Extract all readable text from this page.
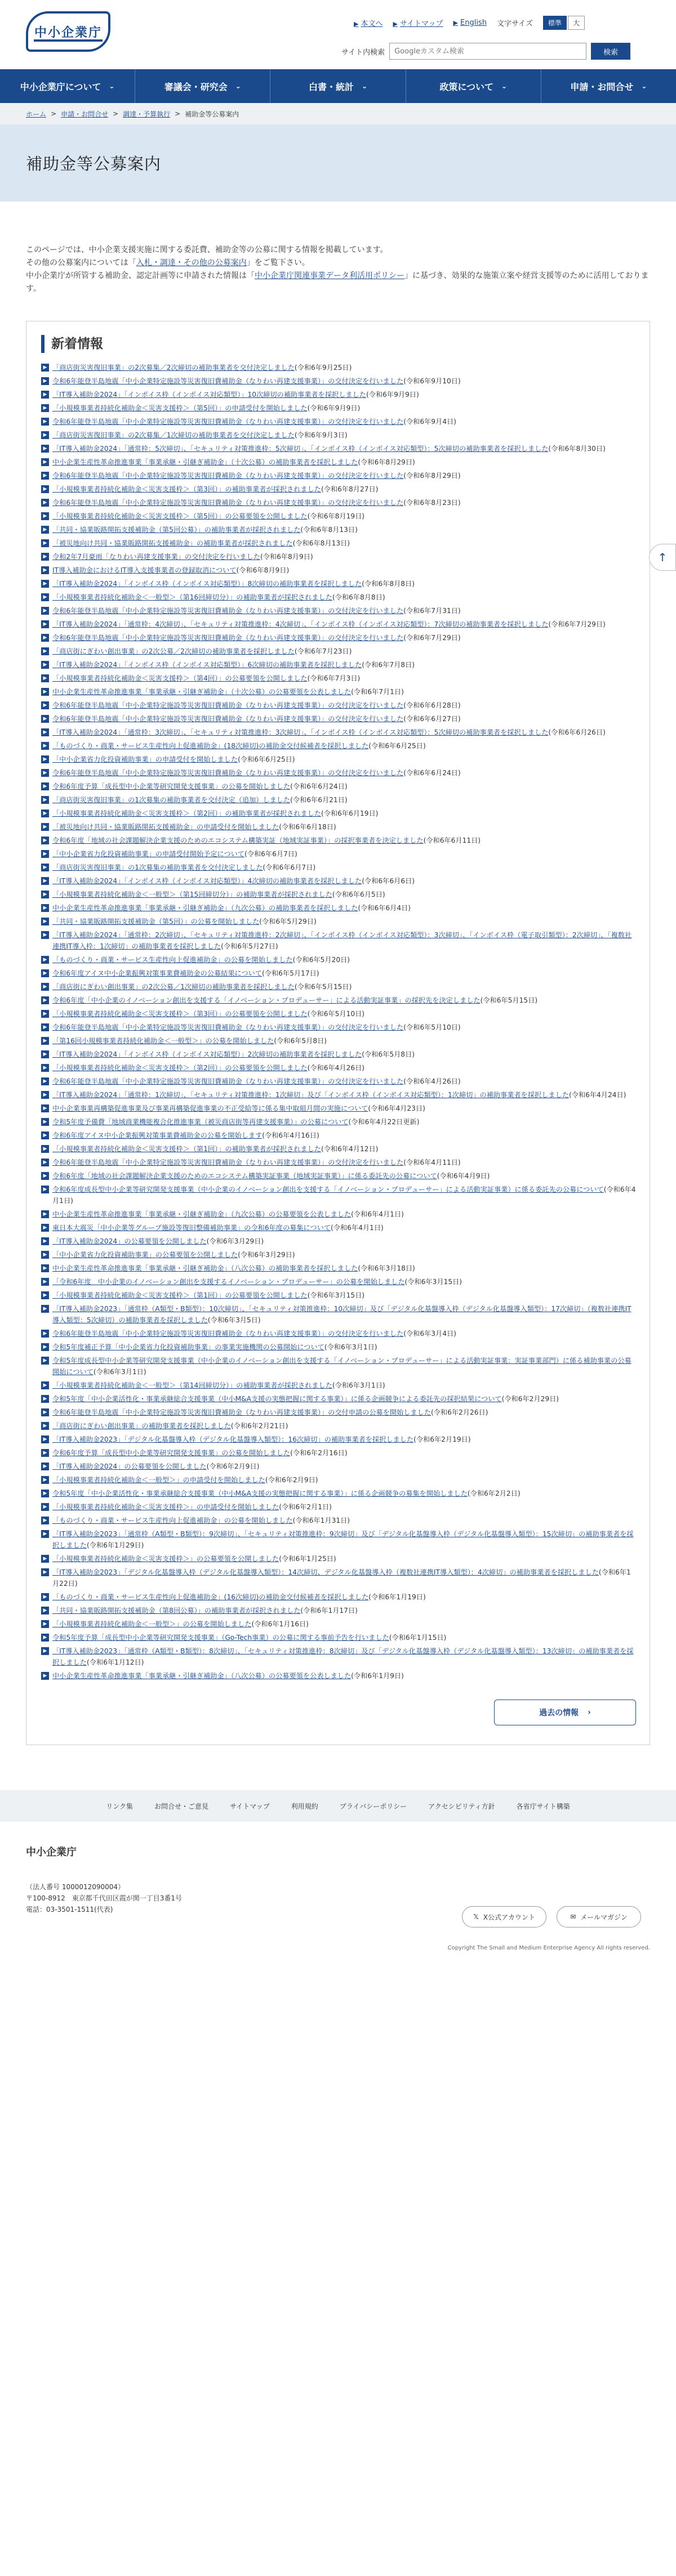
中小企業庁
▶ 本文へ ▶ サイトマップ ▶ English 文字サイズ	標準	大
サイト内検索
Googleカスタム検索	検索
中小企業庁について ⌄	審議会・研究会 ⌄	白書・統計 ⌄	政策について ⌄	申請・お問合せ ⌄
ホーム > 申請・お問合せ > 調達・予算執行 > 補助金等公募案内
補助金等公募案内

このページでは、中小企業支援実施に関する委託費、補助金等の公募に関する情報を掲載しています。

その他の公募案内については「入札・調達・その他の公募案内」をご覧下さい。

中小企業庁が所管する補助金、認定計画等に申請された情報は「中小企業庁関連事業データ利活用ポリシー」に基づき、効果的な施策立案や経営支援等のために活用しております。

新着情報
▶ 「商店街災害復旧事業」の2次募集／2次締切の補助事業者を交付決定しました(令和6年9月25日)
▶ 令和6年能登半島地震「中小企業特定施設等災害復旧費補助金（なりわい再建支援事業）」の交付決定を行いました(令和6年9月10日)
▶ 「IT導入補助金2024」「インボイス枠（インボイス対応類型）」10次締切の補助事業者を採択しました(令和6年9月9日)
▶ 「小規模事業者持続化補助金＜災害支援枠＞（第5回）」の申請受付を開始しました(令和6年9月9日)
▶ 令和6年能登半島地震「中小企業特定施設等災害復旧費補助金（なりわい再建支援事業）」の交付決定を行いました(令和6年9月4日)
▶ 「商店街災害復旧事業」の2次募集／1次締切の補助事業者を交付決定しました(令和6年9月3日)
▶ 「IT導入補助金2024」「通常枠：5次締切」、「セキュリティ対策推進枠：5次締切」、「インボイス枠（インボイス対応類型）：5次締切の補助事業者を採択しました(令和6年8月30日)
▶ 中小企業生産性革命推進事業「事業承継・引継ぎ補助金」（十次公募）の補助事業者を採択しました(令和6年8月29日)
▶ 令和6年能登半島地震「中小企業特定施設等災害復旧費補助金（なりわい再建支援事業）」の交付決定を行いました(令和6年8月29日)
▶ 「小規模事業者持続化補助金＜災害支援枠＞（第3回）」の補助事業者が採択されました(令和6年8月27日)
▶ 令和6年能登半島地震「中小企業特定施設等災害復旧費補助金（なりわい再建支援事業）」の交付決定を行いました(令和6年8月23日)
▶ 「小規模事業者持続化補助金＜災害支援枠＞（第5回）」の公募要領を公開しました(令和6年8月19日)
▶ 「共同・協業販路開拓支援補助金（第5回公募）」の補助事業者が採択されました(令和6年8月13日)
▶ 「被災地向け共同・協業販路開拓支援補助金」の補助事業者が採択されました(令和6年8月13日)
▶ 令和2年7月豪雨「なりわい再建支援事業」の交付決定を行いました(令和6年8月9日)
▶ IT導入補助金におけるIT導入支援事業者の登録取消について(令和6年8月9日)
▶ 「IT導入補助金2024」「インボイス枠（インボイス対応類型）」8次締切の補助事業者を採択しました(令和6年8月8日)
▶ 「小規模事業者持続化補助金＜一般型＞（第16回締切分）」の補助事業者が採択されました(令和6年8月8日)
▶ 令和6年能登半島地震「中小企業特定施設等災害復旧費補助金（なりわい再建支援事業）」の交付決定を行いました(令和6年7月31日)
▶ 「IT導入補助金2024」「通常枠：4次締切」、「セキュリティ対策推進枠：4次締切」、「インボイス枠（インボイス対応類型）：7次締切の補助事業者を採択しました(令和6年7月29日)
▶ 令和6年能登半島地震「中小企業特定施設等災害復旧費補助金（なりわい再建支援事業）」の交付決定を行いました(令和6年7月29日)
▶ 「商店街にぎわい創出事業」の2次公募／2次締切の補助事業者を採択しました(令和6年7月23日)
▶ 「IT導入補助金2024」「インボイス枠（インボイス対応類型）」6次締切の補助事業者を採択しました(令和6年7月8日)
▶ 「小規模事業者持続化補助金＜災害支援枠＞（第4回）」の公募要領を公開しました(令和6年7月3日)
▶ 中小企業生産性革命推進事業「事業承継・引継ぎ補助金」（十次公募）の公募要領を公表しました(令和6年7月1日)
▶ 令和6年能登半島地震「中小企業特定施設等災害復旧費補助金（なりわい再建支援事業）」の交付決定を行いました(令和6年6月28日)
▶ 令和6年能登半島地震「中小企業特定施設等災害復旧費補助金（なりわい再建支援事業）」の交付決定を行いました(令和6年6月27日)
▶ 「IT導入補助金2024」「通常枠：3次締切」、「セキュリティ対策推進枠：3次締切」、「インボイス枠（インボイス対応類型）：5次締切の補助事業者を採択しました(令和6年6月26日)
▶ 「ものづくり・商業・サービス生産性向上促進補助金」(18次締切)の補助金交付候補者を採択しました(令和6年6月25日)
▶ 「中小企業省力化投資補助事業」の申請受付を開始しました(令和6年6月25日)
▶ 令和6年能登半島地震「中小企業特定施設等災害復旧費補助金（なりわい再建支援事業）」の交付決定を行いました(令和6年6月24日)
▶ 令和6年度予算「成長型中小企業等研究開発支援事業」の公募を開始しました(令和6年6月24日)
▶ 「商店街災害復旧事業」の1次募集の補助事業者を交付決定（追加）しました(令和6年6月21日)
▶ 「小規模事業者持続化補助金＜災害支援枠＞（第2回）」の補助事業者が採択されました(令和6年6月19日)
▶ 「被災地向け共同・協業販路開拓支援補助金」の申請受付を開始しました(令和6年6月18日)
▶ 令和6年度「地域の社会課題解決企業支援のためのエコシステム構築実証（地域実証事業）」の採択事業者を決定しました(令和6年6月11日)
▶ 「中小企業省力化投資補助事業」の申請受付開始予定について(令和6年6月7日)
▶ 「商店街災害復旧事業」の1次募集の補助事業者を交付決定しました(令和6年6月7日)
▶ 「IT導入補助金2024」「インボイス枠（インボイス対応類型）」4次締切の補助事業者を採択しました(令和6年6月6日)
▶ 「小規模事業者持続化補助金＜一般型＞（第15回締切分）」の補助事業者が採択されました(令和6年6月5日)
▶ 中小企業生産性革命推進事業「事業承継・引継ぎ補助金」（九次公募）の補助事業者を採択しました(令和6年6月4日)
▶ 「共同・協業販路開拓支援補助金（第5回）」の公募を開始しました(令和6年5月29日)
▶ 「IT導入補助金2024」「通常枠：2次締切」、「セキュリティ対策推進枠：2次締切」、「インボイス枠（インボイス対応類型）：3次締切」、「インボイス枠（電子取引類型）：2次締切」、「複数社連携IT導入枠：1次締切」の補助事業者を採択しました(令和6年5月27日)
▶ 「ものづくり・商業・サービス生産性向上促進補助金」の公募を開始しました(令和6年5月20日)
▶ 令和6年度アイヌ中小企業振興対策事業費補助金の公募結果について(令和6年5月17日)
▶ 「商店街にぎわい創出事業」の2次公募／1次締切の補助事業者を採択しました(令和6年5月15日)
▶ 令和6年度「中小企業のイノベーション創出を支援する「イノベーション・プロデューサー」による活動実証事業」の採択先を決定しました(令和6年5月15日)
▶ 「小規模事業者持続化補助金＜災害支援枠＞（第3回）」の公募要領を公開しました(令和6年5月10日)
▶ 令和6年能登半島地震「中小企業特定施設等災害復旧費補助金（なりわい再建支援事業）」の交付決定を行いました(令和6年5月10日)
▶ 「第16回小規模事業者持続化補助金＜一般型＞」の公募を開始しました(令和6年5月8日)
▶ 「IT導入補助金2024」「インボイス枠（インボイス対応類型）」2次締切の補助事業者を採択しました(令和6年5月8日)
▶ 「小規模事業者持続化補助金＜災害支援枠＞（第2回）」の公募要領を公開しました(令和6年4月26日)
▶ 令和6年能登半島地震「中小企業特定施設等災害復旧費補助金（なりわい再建支援事業）」の交付決定を行いました(令和6年4月26日)
▶ 「IT導入補助金2024」「通常枠：1次締切」、「セキュリティ対策推進枠：1次締切」及び「インボイス枠（インボイス対応類型）：1次締切」の補助事業者を採択しました(令和6年4月24日)
▶ 中小企業事業再構築促進事業及び事業再構築促進事業の不正受給等に係る集中取組月間の実施について(令和6年4月23日)
▶ 令和5年度予備費「地域商業機能複合化推進事業（被災商店街等再建支援事業）」の公募について(令和6年4月22日更新)
▶ 令和6年度アイヌ中小企業振興対策事業費補助金の公募を開始します(令和6年4月16日)
▶ 「小規模事業者持続化補助金＜災害支援枠＞（第1回）」の補助事業者が採択されました(令和6年4月12日)
▶ 令和6年能登半島地震「中小企業特定施設等災害復旧費補助金（なりわい再建支援事業）」の交付決定を行いました(令和6年4月11日)
▶ 令和6年度「地域の社会課題解決企業支援のためのエコシステム構築実証事業（地域実証事業）」に係る委託先の公募について(令和6年4月9日)
▶ 令和6年度成長型中小企業等研究開発支援事業（中小企業のイノベーション創出を支援する「イノベーション・プロデューサー」による活動実証事業）に係る委託先の公募について(令和6年4月1日)
▶ 中小企業生産性革命推進事業「事業承継・引継ぎ補助金」（九次公募）の公募要領を公表しました(令和6年4月1日)
▶ 東日本大震災「中小企業等グループ施設等復旧整備補助事業」の令和6年度の募集について(令和6年4月1日)
▶ 「IT導入補助金2024」の公募要領を公開しました(令和6年3月29日)
▶ 「中小企業省力化投資補助事業」の公募要領を公開しました(令和6年3月29日)
▶ 中小企業生産性革命推進事業「事業承継・引継ぎ補助金」（八次公募）の補助事業者を採択しました(令和6年3月18日)
▶ 「令和6年度　中小企業のイノベーション創出を支援するイノベーション・プロデューサー」の公募を開始しました(令和6年3月15日)
▶ 「小規模事業者持続化補助金＜災害支援枠＞（第1回）」の公募要領を公開しました(令和6年3月15日)
▶ 「IT導入補助金2023」「通常枠（A類型・B類型）：10次締切」、「セキュリティ対策推進枠：10次締切」及び「デジタル化基盤導入枠（デジタル化基盤導入類型）：17次締切」（複数社連携IT導入類型：5次締切）の補助事業者を採択しました(令和6年3月5日)
▶ 令和6年能登半島地震「中小企業特定施設等災害復旧費補助金（なりわい再建支援事業）」の交付決定を行いました(令和6年3月4日)
▶ 令和5年度補正予算「中小企業省力化投資補助事業」の事業実施機関の公募開始について(令和6年3月1日)
▶ 令和5年度成長型中小企業等研究開発支援事業（中小企業のイノベーション創出を支援する「イノベーション・プロデューサー」による活動実証事業：実証事業部門）に係る補助事業の公募開始について(令和6年3月1日)
▶ 「小規模事業者持続化補助金＜一般型＞（第14回締切分）」の補助事業者が採択されました(令和6年3月1日)
▶ 令和5年度「中小企業活性化・事業承継総合支援事業（中小M&A支援の実態把握に関する事業）」に係る企画競争による委託先の採択結果について(令和6年2月29日)
▶ 令和6年能登半島地震「中小企業特定施設等災害復旧費補助金（なりわい再建支援事業）」の交付申請の公募を開始しました(令和6年2月26日)
▶ 「商店街にぎわい創出事業」の補助事業者を採択しました(令和6年2月21日)
▶ 「IT導入補助金2023」「デジタル化基盤導入枠（デジタル化基盤導入類型）：16次締切」の補助事業者を採択しました(令和6年2月19日)
▶ 令和6年度予算「成長型中小企業等研究開発支援事業」の公募を開始しました(令和6年2月16日)
▶ 「IT導入補助金2024」の公募要領を公開しました(令和6年2月9日)
▶ 「小規模事業者持続化補助金＜一般型＞」の申請受付を開始しました(令和6年2月9日)
▶ 令和5年度「中小企業活性化・事業承継総合支援事業（中小M&A支援の実態把握に関する事業）」に係る企画競争の募集を開始しました(令和6年2月2日)
▶ 「小規模事業者持続化補助金＜災害支援枠＞」の申請受付を開始しました(令和6年2月1日)
▶ 「ものづくり・商業・サービス生産性向上促進補助金」の公募を開始しました(令和6年1月31日)
▶ 「IT導入補助金2023」「通常枠（A類型・B類型）：9次締切」、「セキュリティ対策推進枠：9次締切」及び「デジタル化基盤導入枠（デジタル化基盤導入類型）：15次締切」の補助事業者を採択しました(令和6年1月29日)
▶ 「小規模事業者持続化補助金＜災害支援枠＞」の公募要領を公開しました(令和6年1月25日)
▶ 「IT導入補助金2023」「デジタル化基盤導入枠（デジタル化基盤導入類型）：14次締切、デジタル化基盤導入枠（複数社連携IT導入類型）：4次締切」の補助事業者を採択しました(令和6年1月22日)
▶ 「ものづくり・商業・サービス生産性向上促進補助金」(16次締切)の補助金交付候補者を採択しました(令和6年1月19日)
▶ 「共同・協業販路開拓支援補助金（第8回公募）」の補助事業者が採択されました(令和6年1月17日)
▶ 「小規模事業者持続化補助金＜一般型＞」の公募を開始しました(令和6年1月16日)
▶ 令和5年度予算「成長型中小企業等研究開発支援事業」（Go-Tech事業）の公募に関する事前予告を行いました(令和6年1月15日)
▶ 「IT導入補助金2023」「通常枠（A類型・B類型）：8次締切」、「セキュリティ対策推進枠：8次締切」及び「デジタル化基盤導入枠（デジタル化基盤導入類型）：13次締切」の補助事業者を採択しました(令和6年1月12日)
▶ 中小企業生産性革命推進事業「事業承継・引継ぎ補助金」（八次公募）の公募要領を公表しました(令和6年1月9日)
過去の情報 ›
↑
リンク集	お問合せ・ご意見	サイトマップ	利用規約	プライバシーポリシー	アクセシビリティ方針	各省庁サイト構築
中小企業庁
（法人番号 1000012090004）
〒100-8912　東京都千代田区霞が関一丁目3番1号
電話：03-3501-1511(代表)
𝕏 X公式アカウント	✉ メールマガジン
Copyright The Small and Medium Enterprise Agency All rights reserved.
